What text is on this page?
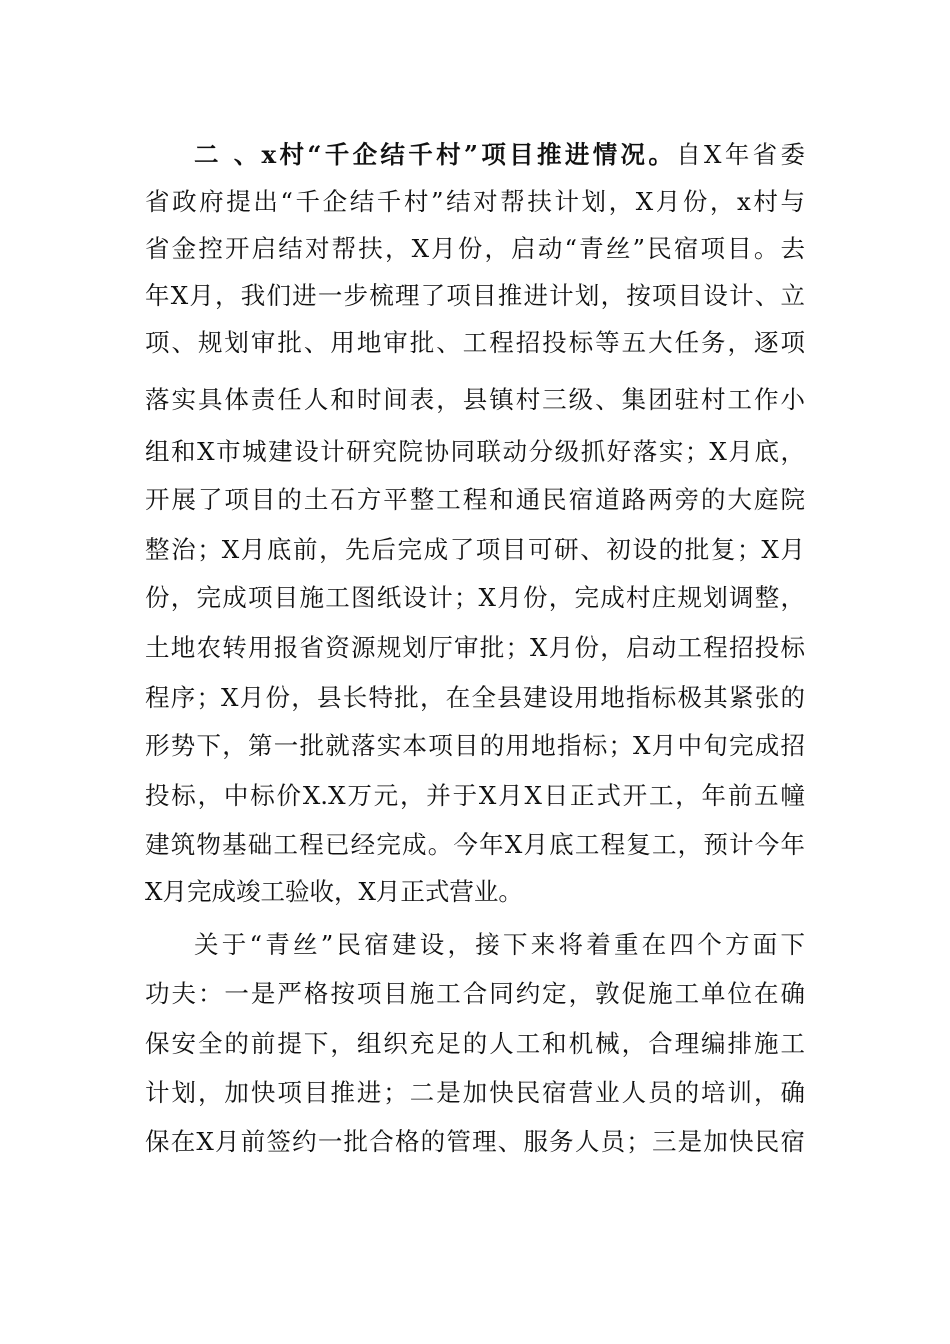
二 、x村“千企结千村”项目推进情况。自X年省委
省政府提出“千企结千村”结对帮扶计划，X月份，x村与
省金控开启结对帮扶，X月份，启动“青丝”民宿项目。去
年X月，我们进一步梳理了项目推进计划，按项目设计、立
项、规划审批、用地审批、工程招投标等五大任务，逐项
落实具体责任人和时间表，县镇村三级、集团驻村工作小
组和X市城建设计研究院协同联动分级抓好落实；X月底，
开展了项目的土石方平整工程和通民宿道路两旁的大庭院
整治；X月底前，先后完成了项目可研、初设的批复；X月
份，完成项目施工图纸设计；X月份，完成村庄规划调整，
土地农转用报省资源规划厅审批；X月份，启动工程招投标
程序；X月份，县长特批，在全县建设用地指标极其紧张的
形势下，第一批就落实本项目的用地指标；X月中旬完成招
投标，中标价X.X万元，并于X月X日正式开工，年前五幢
建筑物基础工程已经完成。今年X月底工程复工，预计今年
X月完成竣工验收，X月正式营业。
关于“青丝”民宿建设，接下来将着重在四个方面下
功夫：一是严格按项目施工合同约定，敦促施工单位在确
保安全的前提下，组织充足的人工和机械，合理编排施工
计划，加快项目推进；二是加快民宿营业人员的培训，确
保在X月前签约一批合格的管理、服务人员；三是加快民宿
